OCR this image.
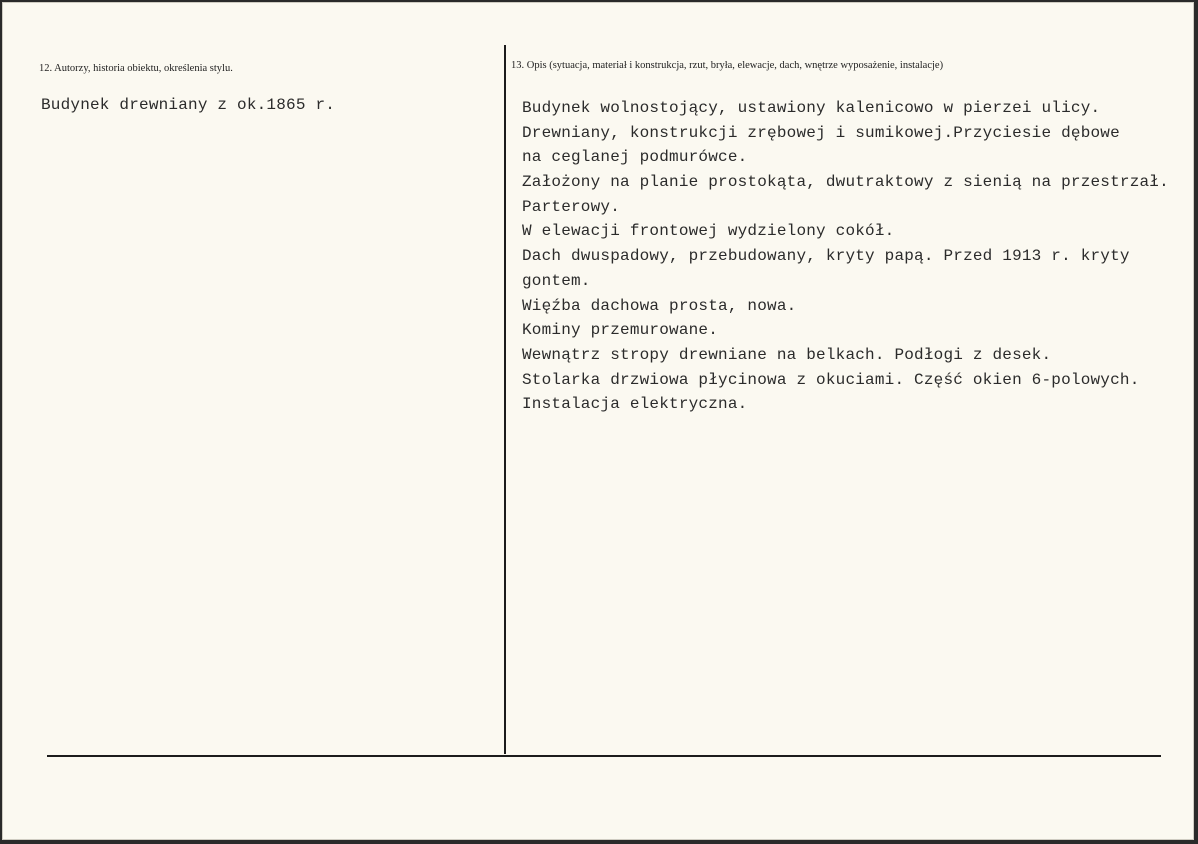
12. Autorzy, historia obiektu, określenia stylu.
Budynek drewniany z ok.1865 r.
13. Opis (sytuacja, materiał i konstrukcja, rzut, bryła, elewacje, dach, wnętrze wyposażenie, instalacje)
Budynek wolnostojący, ustawiony kalenicowo w pierzei ulicy.
Drewniany, konstrukcji zrębowej i sumikowej.Przyciesie dębowe
na ceglanej podmurówce.
Założony na planie prostokąta, dwutraktowy z sienią na przestrzał.
Parterowy.
W elewacji frontowej wydzielony cokół.
Dach dwuspadowy, przebudowany, kryty papą. Przed 1913 r. kryty
gontem.
Więźba dachowa prosta, nowa.
Kominy przemurowane.
Wewnątrz stropy drewniane na belkach. Podłogi z desek.
Stolarka drzwiowa płycinowa z okuciami. Część okien 6-polowych.
Instalacja elektryczna.
